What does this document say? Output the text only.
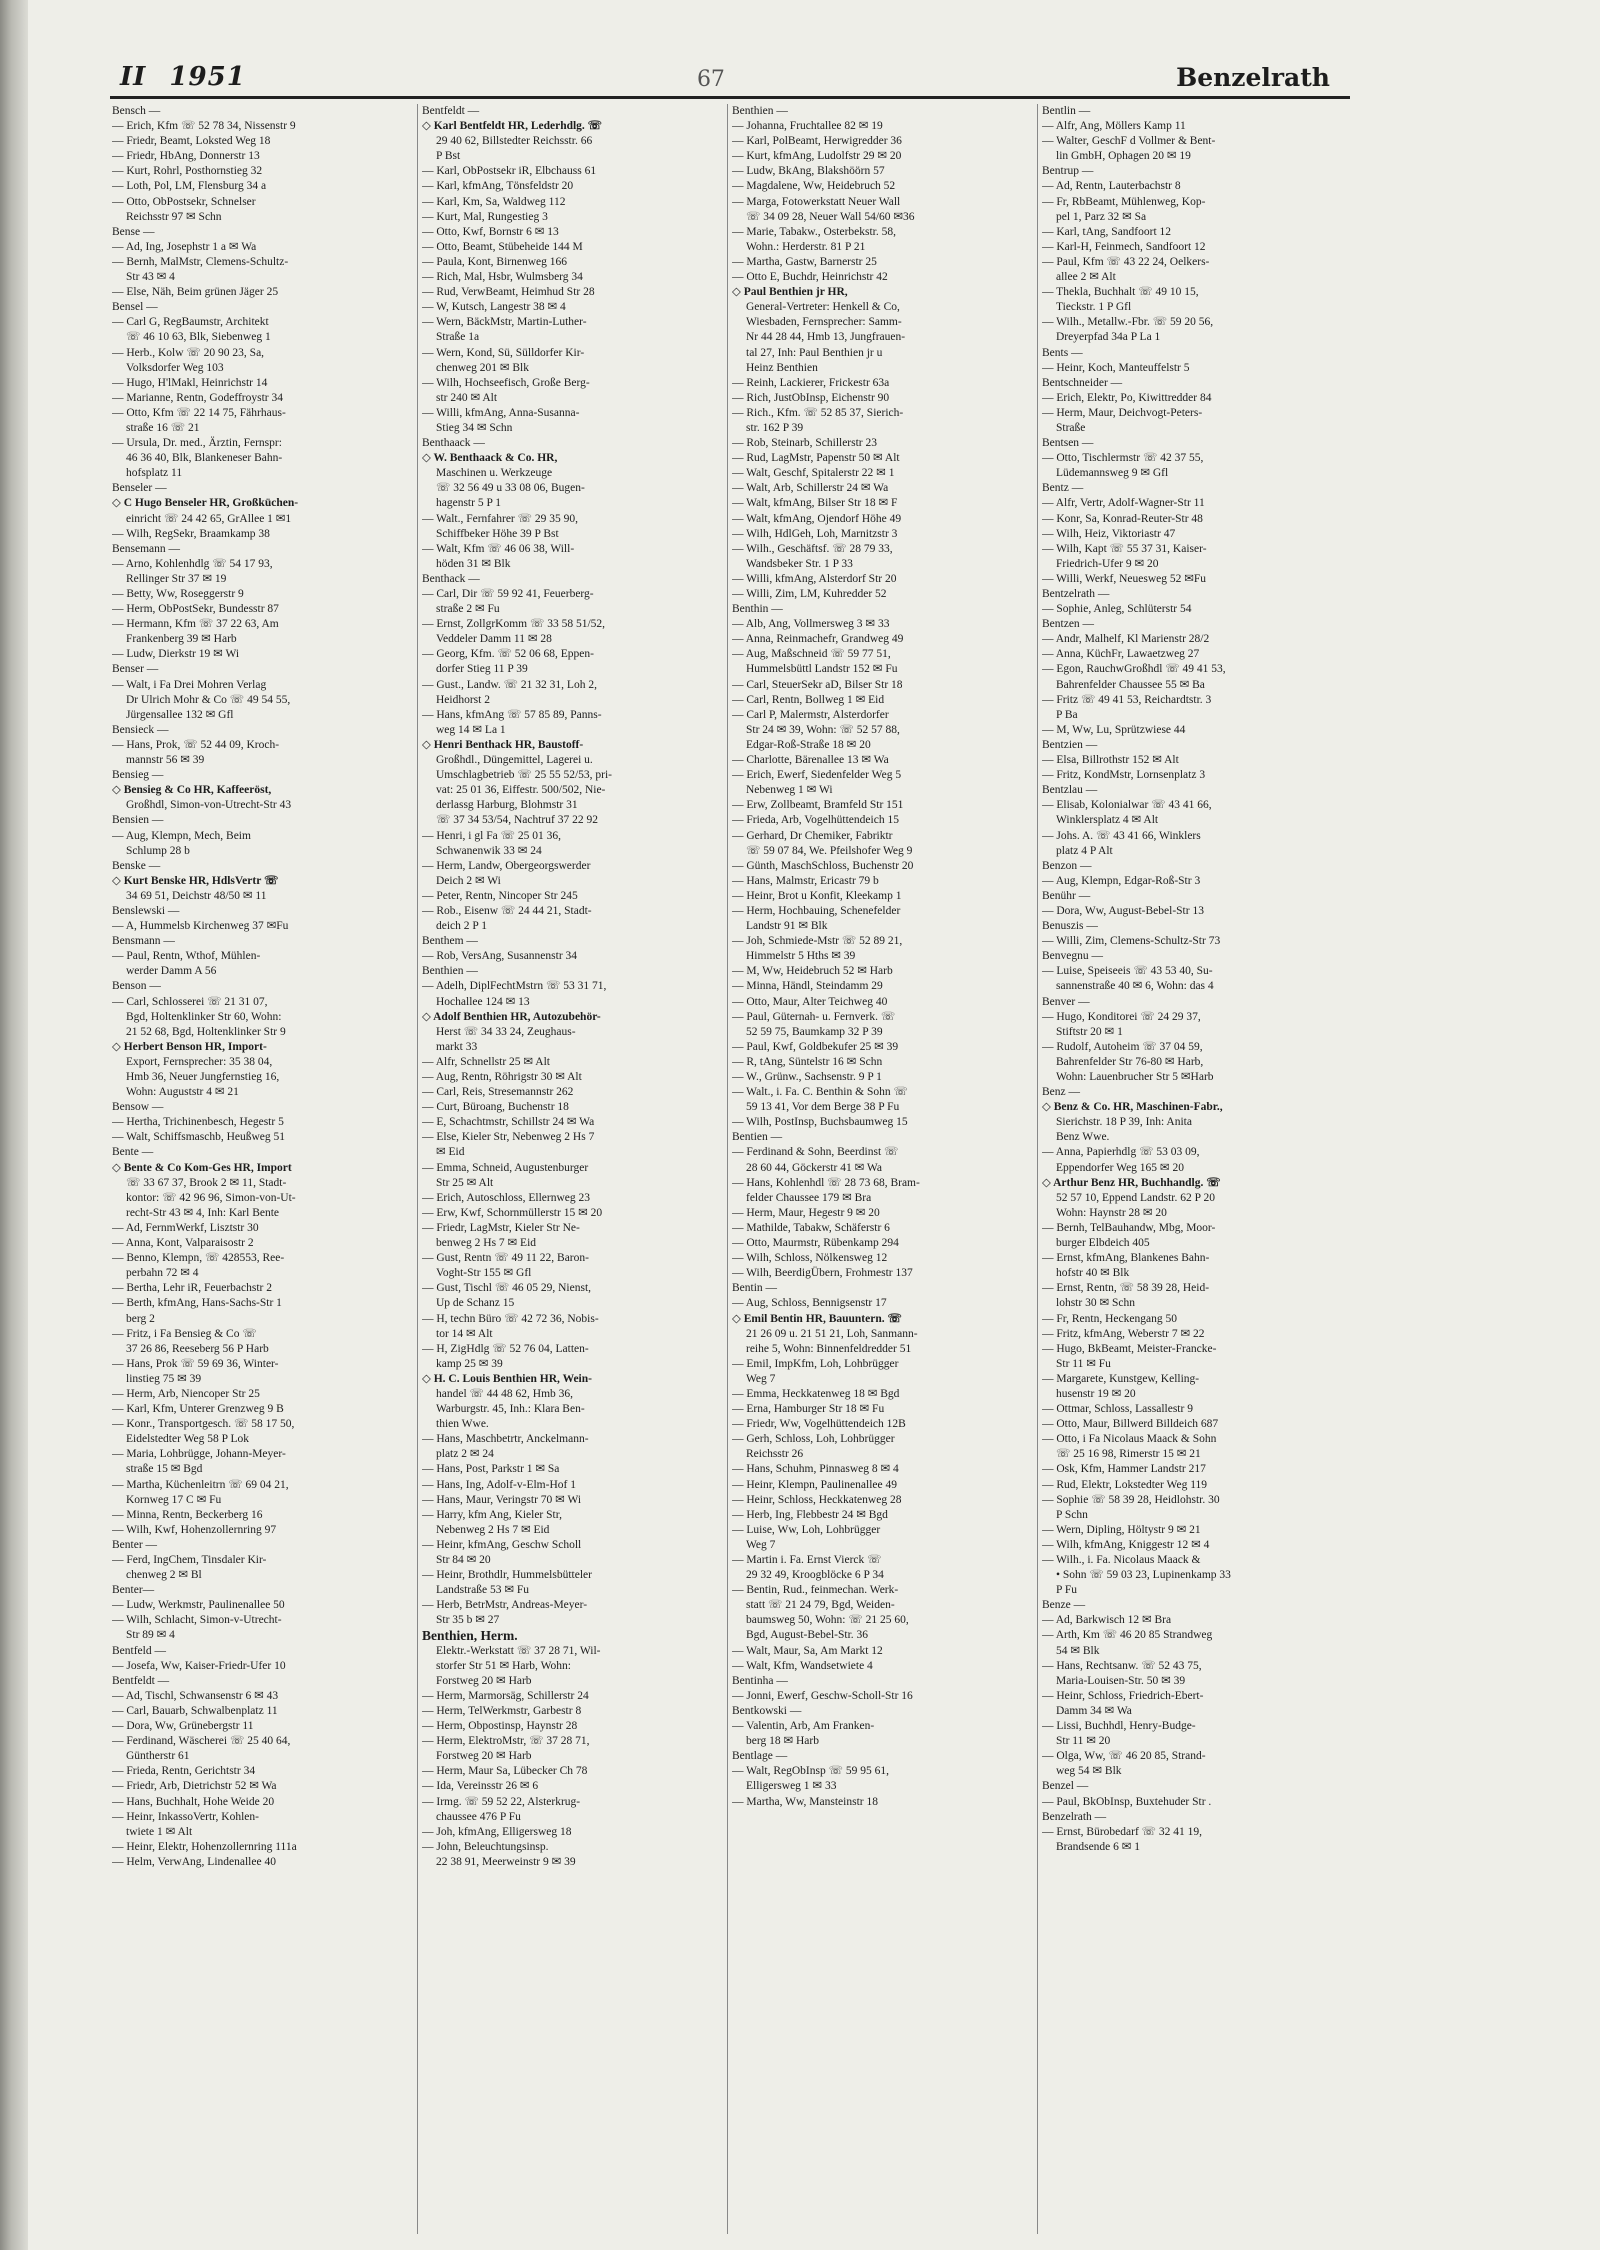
II 1951	67	Benzelrath
Bensch —
— Erich, Kfm ☏ 52 78 34, Nissenstr 9
— Friedr, Beamt, Loksted Weg 18
— Friedr, HbAng, Donnerstr 13
— Kurt, Rohrl, Posthornstieg 32
— Loth, Pol, LM, Flensburg 34 a
— Otto, ObPostsekr, Schnelser
Reichsstr 97 ✉ Schn
Bense —
— Ad, Ing, Josephstr 1 a ✉ Wa
— Bernh, MalMstr, Clemens-Schultz-
Str 43 ✉ 4
— Else, Näh, Beim grünen Jäger 25
Bensel —
— Carl G, RegBaumstr, Architekt
☏ 46 10 63, Blk, Siebenweg 1
— Herb., Kolw ☏ 20 90 23, Sa,
Volksdorfer Weg 103
— Hugo, H'lMakl, Heinrichstr 14
— Marianne, Rentn, Godeffroystr 34
— Otto, Kfm ☏ 22 14 75, Fährhaus-
straße 16 ☏ 21
— Ursula, Dr. med., Ärztin, Fernspr:
46 36 40, Blk, Blankeneser Bahn-
hofsplatz 11
Benseler —
◇ C Hugo Benseler HR, Großküchen-
einricht ☏ 24 42 65, GrAllee 1 ✉1
— Wilh, RegSekr, Braamkamp 38
Bensemann —
— Arno, Kohlenhdlg ☏ 54 17 93,
Rellinger Str 37 ✉ 19
— Betty, Ww, Roseggerstr 9
— Herm, ObPostSekr, Bundesstr 87
— Hermann, Kfm ☏ 37 22 63, Am
Frankenberg 39 ✉ Harb
— Ludw, Dierkstr 19 ✉ Wi
Benser —
— Walt, i Fa Drei Mohren Verlag
Dr Ulrich Mohr & Co ☏ 49 54 55,
Jürgensallee 132 ✉ Gfl
Bensieck —
— Hans, Prok, ☏ 52 44 09, Kroch-
mannstr 56 ✉ 39
Bensieg —
◇ Bensieg & Co HR, Kaffeeröst,
Großhdl, Simon-von-Utrecht-Str 43
Bensien —
— Aug, Klempn, Mech, Beim
Schlump 28 b
Benske —
◇ Kurt Benske HR, HdlsVertr ☏
34 69 51, Deichstr 48/50 ✉ 11
Benslewski —
— A, Hummelsb Kirchenweg 37 ✉Fu
Bensmann —
— Paul, Rentn, Wthof, Mühlen-
werder Damm A 56
Benson —
— Carl, Schlosserei ☏ 21 31 07,
Bgd, Holtenklinker Str 60, Wohn:
21 52 68, Bgd, Holtenklinker Str 9
◇ Herbert Benson HR, Import-
Export, Fernsprecher: 35 38 04,
Hmb 36, Neuer Jungfernstieg 16,
Wohn: Auguststr 4 ✉ 21
Bensow —
— Hertha, Trichinenbesch, Hegestr 5
— Walt, Schiffsmaschb, Heußweg 51
Bente —
◇ Bente & Co Kom-Ges HR, Import
☏ 33 67 37, Brook 2 ✉ 11, Stadt-
kontor: ☏ 42 96 96, Simon-von-Ut-
recht-Str 43 ✉ 4, Inh: Karl Bente
— Ad, FernmWerkf, Lisztstr 30
— Anna, Kont, Valparaisostr 2
— Benno, Klempn, ☏ 428553, Ree-
perbahn 72 ✉ 4
— Bertha, Lehr iR, Feuerbachstr 2
— Berth, kfmAng, Hans-Sachs-Str 1
berg 2
— Fritz, i Fa Bensieg & Co ☏
37 26 86, Reeseberg 56 P Harb
— Hans, Prok ☏ 59 69 36, Winter-
linstieg 75 ✉ 39
— Herm, Arb, Niencoper Str 25
— Karl, Kfm, Unterer Grenzweg 9 B
— Konr., Transportgesch. ☏ 58 17 50,
Eidelstedter Weg 58 P Lok
— Maria, Lohbrügge, Johann-Meyer-
straße 15 ✉ Bgd
— Martha, Küchenleitrn ☏ 69 04 21,
Kornweg 17 C ✉ Fu
— Minna, Rentn, Beckerberg 16
— Wilh, Kwf, Hohenzollernring 97
Benter —
— Ferd, IngChem, Tinsdaler Kir-
chenweg 2 ✉ Bl
Benter—
— Ludw, Werkmstr, Paulinenallee 50
— Wilh, Schlacht, Simon-v-Utrecht-
Str 89 ✉ 4
Bentfeld —
— Josefa, Ww, Kaiser-Friedr-Ufer 10
Bentfeldt —
— Ad, Tischl, Schwansenstr 6 ✉ 43
— Carl, Bauarb, Schwalbenplatz 11
— Dora, Ww, Grünebergstr 11
— Ferdinand, Wäscherei ☏ 25 40 64,
Güntherstr 61
— Frieda, Rentn, Gerichtstr 34
— Friedr, Arb, Dietrichstr 52 ✉ Wa
— Hans, Buchhalt, Hohe Weide 20
— Heinr, InkassoVertr, Kohlen-
twiete 1 ✉ Alt
— Heinr, Elektr, Hohenzollernring 111a
— Helm, VerwAng, Lindenallee 40
Bentfeldt —
◇ Karl Bentfeldt HR, Lederhdlg. ☏
29 40 62, Billstedter Reichsstr. 66
P Bst
— Karl, ObPostsekr iR, Elbchauss 61
— Karl, kfmAng, Tönsfeldstr 20
— Karl, Km, Sa, Waldweg 112
— Kurt, Mal, Rungestieg 3
— Otto, Kwf, Bornstr 6 ✉ 13
— Otto, Beamt, Stübeheide 144 M
— Paula, Kont, Birnenweg 166
— Rich, Mal, Hsbr, Wulmsberg 34
— Rud, VerwBeamt, Heimhud Str 28
— W, Kutsch, Langestr 38 ✉ 4
— Wern, BäckMstr, Martin-Luther-
Straße 1a
— Wern, Kond, Sü, Sülldorfer Kir-
chenweg 201 ✉ Blk
— Wilh, Hochseefisch, Große Berg-
str 240 ✉ Alt
— Willi, kfmAng, Anna-Susanna-
Stieg 34 ✉ Schn
Benthaack —
◇ W. Benthaack & Co. HR,
Maschinen u. Werkzeuge
☏ 32 56 49 u 33 08 06, Bugen-
hagenstr 5 P 1
— Walt., Fernfahrer ☏ 29 35 90,
Schiffbeker Höhe 39 P Bst
— Walt, Kfm ☏ 46 06 38, Will-
höden 31 ✉ Blk
Benthack —
— Carl, Dir ☏ 59 92 41, Feuerberg-
straße 2 ✉ Fu
— Ernst, ZollgrKomm ☏ 33 58 51/52,
Veddeler Damm 11 ✉ 28
— Georg, Kfm. ☏ 52 06 68, Eppen-
dorfer Stieg 11 P 39
— Gust., Landw. ☏ 21 32 31, Loh 2,
Heidhorst 2
— Hans, kfmAng ☏ 57 85 89, Panns-
weg 14 ✉ La 1
◇ Henri Benthack HR, Baustoff-
Großhdl., Düngemittel, Lagerei u.
Umschlagbetrieb ☏ 25 55 52/53, pri-
vat: 25 01 36, Eiffestr. 500/502, Nie-
derlassg Harburg, Blohmstr 31
☏ 37 34 53/54, Nachtruf 37 22 92
— Henri, i gl Fa ☏ 25 01 36,
Schwanenwik 33 ✉ 24
— Herm, Landw, Obergeorgswerder
Deich 2 ✉ Wi
— Peter, Rentn, Nincoper Str 245
— Rob., Eisenw ☏ 24 44 21, Stadt-
deich 2 P 1
Benthem —
— Rob, VersAng, Susannenstr 34
Benthien —
— Adelh, DiplFechtMstrn ☏ 53 31 71,
Hochallee 124 ✉ 13
◇ Adolf Benthien HR, Autozubehör-
Herst ☏ 34 33 24, Zeughaus-
markt 33
— Alfr, Schnellstr 25 ✉ Alt
— Aug, Rentn, Röhrigstr 30 ✉ Alt
— Carl, Reis, Stresemannstr 262
— Curt, Büroang, Buchenstr 18
— E, Schachtmstr, Schillstr 24 ✉ Wa
— Else, Kieler Str, Nebenweg 2 Hs 7
✉ Eid
— Emma, Schneid, Augustenburger
Str 25 ✉ Alt
— Erich, Autoschloss, Ellernweg 23
— Erw, Kwf, Schornmüllerstr 15 ✉ 20
— Friedr, LagMstr, Kieler Str Ne-
benweg 2 Hs 7 ✉ Eid
— Gust, Rentn ☏ 49 11 22, Baron-
Voght-Str 155 ✉ Gfl
— Gust, Tischl ☏ 46 05 29, Nienst,
Up de Schanz 15
— H, techn Büro ☏ 42 72 36, Nobis-
tor 14 ✉ Alt
— H, ZigHdlg ☏ 52 76 04, Latten-
kamp 25 ✉ 39
◇ H. C. Louis Benthien HR, Wein-
handel ☏ 44 48 62, Hmb 36,
Warburgstr. 45, Inh.: Klara Ben-
thien Wwe.
— Hans, Maschbetrtr, Anckelmann-
platz 2 ✉ 24
— Hans, Post, Parkstr 1 ✉ Sa
— Hans, Ing, Adolf-v-Elm-Hof 1
— Hans, Maur, Veringstr 70 ✉ Wi
— Harry, kfm Ang, Kieler Str,
Nebenweg 2 Hs 7 ✉ Eid
— Heinr, kfmAng, Geschw Scholl
Str 84 ✉ 20
— Heinr, Brothdlr, Hummelsbütteler
Landstraße 53 ✉ Fu
— Herb, BetrMstr, Andreas-Meyer-
Str 35 b ✉ 27
Benthien, Herm.
Elektr.-Werkstatt ☏ 37 28 71, Wil-
storfer Str 51 ✉ Harb, Wohn:
Forstweg 20 ✉ Harb
— Herm, Marmorsäg, Schillerstr 24
— Herm, TelWerkmstr, Garbestr 8
— Herm, Obpostinsp, Haynstr 28
— Herm, ElektroMstr, ☏ 37 28 71,
Forstweg 20 ✉ Harb
— Herm, Maur Sa, Lübecker Ch 78
— Ida, Vereinsstr 26 ✉ 6
— Irmg. ☏ 59 52 22, Alsterkrug-
chaussee 476 P Fu
— Joh, kfmAng, Elligersweg 18
— John, Beleuchtungsinsp.
22 38 91, Meerweinstr 9 ✉ 39
Benthien —
— Johanna, Fruchtallee 82 ✉ 19
— Karl, PolBeamt, Herwigredder 36
— Kurt, kfmAng, Ludolfstr 29 ✉ 20
— Ludw, BkAng, Blakshöörn 57
— Magdalene, Ww, Heidebruch 52
— Marga, Fotowerkstatt Neuer Wall
☏ 34 09 28, Neuer Wall 54/60 ✉36
— Marie, Tabakw., Osterbekstr. 58,
Wohn.: Herderstr. 81 P 21
— Martha, Gastw, Barnerstr 25
— Otto E, Buchdr, Heinrichstr 42
◇ Paul Benthien jr HR,
General-Vertreter: Henkell & Co,
Wiesbaden, Fernsprecher: Samm-
Nr 44 28 44, Hmb 13, Jungfrauen-
tal 27, Inh: Paul Benthien jr u
Heinz Benthien
— Reinh, Lackierer, Frickestr 63a
— Rich, JustObInsp, Eichenstr 90
— Rich., Kfm. ☏ 52 85 37, Sierich-
str. 162 P 39
— Rob, Steinarb, Schillerstr 23
— Rud, LagMstr, Papenstr 50 ✉ Alt
— Walt, Geschf, Spitalerstr 22 ✉ 1
— Walt, Arb, Schillerstr 24 ✉ Wa
— Walt, kfmAng, Bilser Str 18 ✉ F
— Walt, kfmAng, Ojendorf Höhe 49
— Wilh, HdlGeh, Loh, Marnitzstr 3
— Wilh., Geschäftsf. ☏ 28 79 33,
Wandsbeker Str. 1 P 33
— Willi, kfmAng, Alsterdorf Str 20
— Willi, Zim, LM, Kuhredder 52
Benthin —
— Alb, Ang, Vollmersweg 3 ✉ 33
— Anna, Reinmachefr, Grandweg 49
— Aug, Maßschneid ☏ 59 77 51,
Hummelsbüttl Landstr 152 ✉ Fu
— Carl, SteuerSekr aD, Bilser Str 18
— Carl, Rentn, Bollweg 1 ✉ Eid
— Carl P, Malermstr, Alsterdorfer
Str 24 ✉ 39, Wohn: ☏ 52 57 88,
Edgar-Roß-Straße 18 ✉ 20
— Charlotte, Bärenallee 13 ✉ Wa
— Erich, Ewerf, Siedenfelder Weg 5
Nebenweg 1 ✉ Wi
— Erw, Zollbeamt, Bramfeld Str 151
— Frieda, Arb, Vogelhüttendeich 15
— Gerhard, Dr Chemiker, Fabriktr
☏ 59 07 84, We. Pfeilshofer Weg 9
— Günth, MaschSchloss, Buchenstr 20
— Hans, Malmstr, Ericastr 79 b
— Heinr, Brot u Konfit, Kleekamp 1
— Herm, Hochbauing, Schenefelder
Landstr 91 ✉ Blk
— Joh, Schmiede-Mstr ☏ 52 89 21,
Himmelstr 5 Hths ✉ 39
— M, Ww, Heidebruch 52 ✉ Harb
— Minna, Händl, Steindamm 29
— Otto, Maur, Alter Teichweg 40
— Paul, Güternah- u. Fernverk. ☏
52 59 75, Baumkamp 32 P 39
— Paul, Kwf, Goldbekufer 25 ✉ 39
— R, tAng, Süntelstr 16 ✉ Schn
— W., Grünw., Sachsenstr. 9 P 1
— Walt., i. Fa. C. Benthin & Sohn ☏
59 13 41, Vor dem Berge 38 P Fu
— Wilh, PostInsp, Buchsbaumweg 15
Bentien —
— Ferdinand & Sohn, Beerdinst ☏
28 60 44, Göckerstr 41 ✉ Wa
— Hans, Kohlenhdl ☏ 28 73 68, Bram-
felder Chaussee 179 ✉ Bra
— Herm, Maur, Hegestr 9 ✉ 20
— Mathilde, Tabakw, Schäferstr 6
— Otto, Maurmstr, Rübenkamp 294
— Wilh, Schloss, Nölkensweg 12
— Wilh, BeerdigÜbern, Frohmestr 137
Bentin —
— Aug, Schloss, Bennigsenstr 17
◇ Emil Bentin HR, Bauuntern. ☏
21 26 09 u. 21 51 21, Loh, Sanmann-
reihe 5, Wohn: Binnenfeldredder 51
— Emil, ImpKfm, Loh, Lohbrügger
Weg 7
— Emma, Heckkatenweg 18 ✉ Bgd
— Erna, Hamburger Str 18 ✉ Fu
— Friedr, Ww, Vogelhüttendeich 12B
— Gerh, Schloss, Loh, Lohbrügger
Reichsstr 26
— Hans, Schuhm, Pinnasweg 8 ✉ 4
— Heinr, Klempn, Paulinenallee 49
— Heinr, Schloss, Heckkatenweg 28
— Herb, Ing, Flebbestr 24 ✉ Bgd
— Luise, Ww, Loh, Lohbrügger
Weg 7
— Martin i. Fa. Ernst Vierck ☏
29 32 49, Kroogblöcke 6 P 34
— Bentin, Rud., feinmechan. Werk-
statt ☏ 21 24 79, Bgd, Weiden-
baumsweg 50, Wohn: ☏ 21 25 60,
Bgd, August-Bebel-Str. 36
— Walt, Maur, Sa, Am Markt 12
— Walt, Kfm, Wandsetwiete 4
Bentinha —
— Jonni, Ewerf, Geschw-Scholl-Str 16
Bentkowski —
— Valentin, Arb, Am Franken-
berg 18 ✉ Harb
Bentlage —
— Walt, RegObInsp ☏ 59 95 61,
Elligersweg 1 ✉ 33
— Martha, Ww, Mansteinstr 18
Bentlin —
— Alfr, Ang, Möllers Kamp 11
— Walter, GeschF d Vollmer & Bent-
lin GmbH, Ophagen 20 ✉ 19
Bentrup —
— Ad, Rentn, Lauterbachstr 8
— Fr, RbBeamt, Mühlenweg, Kop-
pel 1, Parz 32 ✉ Sa
— Karl, tAng, Sandfoort 12
— Karl-H, Feinmech, Sandfoort 12
— Paul, Kfm ☏ 43 22 24, Oelkers-
allee 2 ✉ Alt
— Thekla, Buchhalt ☏ 49 10 15,
Tieckstr. 1 P Gfl
— Wilh., Metallw.-Fbr. ☏ 59 20 56,
Dreyerpfad 34a P La 1
Bents —
— Heinr, Koch, Manteuffelstr 5
Bentschneider —
— Erich, Elektr, Po, Kiwittredder 84
— Herm, Maur, Deichvogt-Peters-
Straße
Bentsen —
— Otto, Tischlermstr ☏ 42 37 55,
Lüdemannsweg 9 ✉ Gfl
Bentz —
— Alfr, Vertr, Adolf-Wagner-Str 11
— Konr, Sa, Konrad-Reuter-Str 48
— Wilh, Heiz, Viktoriastr 47
— Wilh, Kapt ☏ 55 37 31, Kaiser-
Friedrich-Ufer 9 ✉ 20
— Willi, Werkf, Neuesweg 52 ✉Fu
Bentzelrath —
— Sophie, Anleg, Schlüterstr 54
Bentzen —
— Andr, Malhelf, Kl Marienstr 28/2
— Anna, KüchFr, Lawaetzweg 27
— Egon, RauchwGroßhdl ☏ 49 41 53,
Bahrenfelder Chaussee 55 ✉ Ba
— Fritz ☏ 49 41 53, Reichardtstr. 3
P Ba
— M, Ww, Lu, Sprützwiese 44
Bentzien —
— Elsa, Billrothstr 152 ✉ Alt
— Fritz, KondMstr, Lornsenplatz 3
Bentzlau —
— Elisab, Kolonialwar ☏ 43 41 66,
Winklersplatz 4 ✉ Alt
— Johs. A. ☏ 43 41 66, Winklers
platz 4 P Alt
Benzon —
— Aug, Klempn, Edgar-Roß-Str 3
Benühr —
— Dora, Ww, August-Bebel-Str 13
Benuszis —
— Willi, Zim, Clemens-Schultz-Str 73
Benvegnu —
— Luise, Speiseeis ☏ 43 53 40, Su-
sannenstraße 40 ✉ 6, Wohn: das 4
Benver —
— Hugo, Konditorei ☏ 24 29 37,
Stiftstr 20 ✉ 1
— Rudolf, Autoheim ☏ 37 04 59,
Bahrenfelder Str 76-80 ✉ Harb,
Wohn: Lauenbrucher Str 5 ✉Harb
Benz —
◇ Benz & Co. HR, Maschinen-Fabr.,
Sierichstr. 18 P 39, Inh: Anita
Benz Wwe.
— Anna, Papierhdlg ☏ 53 03 09,
Eppendorfer Weg 165 ✉ 20
◇ Arthur Benz HR, Buchhandlg. ☏
52 57 10, Eppend Landstr. 62 P 20
Wohn: Haynstr 28 ✉ 20
— Bernh, TelBauhandw, Mbg, Moor-
burger Elbdeich 405
— Ernst, kfmAng, Blankenes Bahn-
hofstr 40 ✉ Blk
— Ernst, Rentn, ☏ 58 39 28, Heid-
lohstr 30 ✉ Schn
— Fr, Rentn, Heckengang 50
— Fritz, kfmAng, Weberstr 7 ✉ 22
— Hugo, BkBeamt, Meister-Francke-
Str 11 ✉ Fu
— Margarete, Kunstgew, Kelling-
husenstr 19 ✉ 20
— Ottmar, Schloss, Lassallestr 9
— Otto, Maur, Billwerd Billdeich 687
— Otto, i Fa Nicolaus Maack & Sohn
☏ 25 16 98, Rimerstr 15 ✉ 21
— Osk, Kfm, Hammer Landstr 217
— Rud, Elektr, Lokstedter Weg 119
— Sophie ☏ 58 39 28, Heidlohstr. 30
P Schn
— Wern, Dipling, Höltystr 9 ✉ 21
— Wilh, kfmAng, Kniggestr 12 ✉ 4
— Wilh., i. Fa. Nicolaus Maack &
• Sohn ☏ 59 03 23, Lupinenkamp 33
P Fu
Benze —
— Ad, Barkwisch 12 ✉ Bra
— Arth, Km ☏ 46 20 85 Strandweg
54 ✉ Blk
— Hans, Rechtsanw. ☏ 52 43 75,
Maria-Louisen-Str. 50 ✉ 39
— Heinr, Schloss, Friedrich-Ebert-
Damm 34 ✉ Wa
— Lissi, Buchhdl, Henry-Budge-
Str 11 ✉ 20
— Olga, Ww, ☏ 46 20 85, Strand-
weg 54 ✉ Blk
Benzel —
— Paul, BkObInsp, Buxtehuder Str .
Benzelrath —
— Ernst, Bürobedarf ☏ 32 41 19,
Brandsende 6 ✉ 1
